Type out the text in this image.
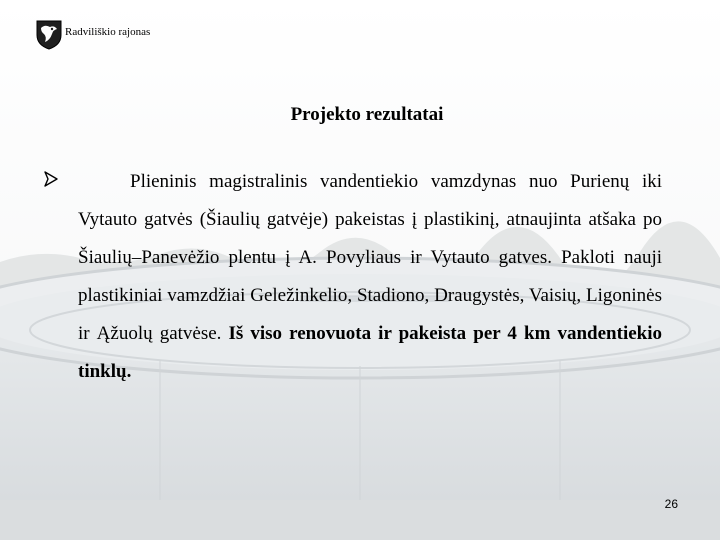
Radviliškio rajonas
Projekto rezultatai

Plieninis magistralinis vandentiekio vamzdynas nuo Purienų iki Vytauto gatvės (Šiaulių gatvėje) pakeistas į plastikinį, atnaujinta atšaka po Šiaulių–Panevėžio plentu į A. Povyliaus ir Vytauto gatves. Pakloti nauji plastikiniai vamzdžiai Geležinkelio, Stadiono, Draugystės, Vaisių, Ligoninės ir Ąžuolų gatvėse. Iš viso renovuota ir pakeista per 4 km vandentiekio tinklų.

26
